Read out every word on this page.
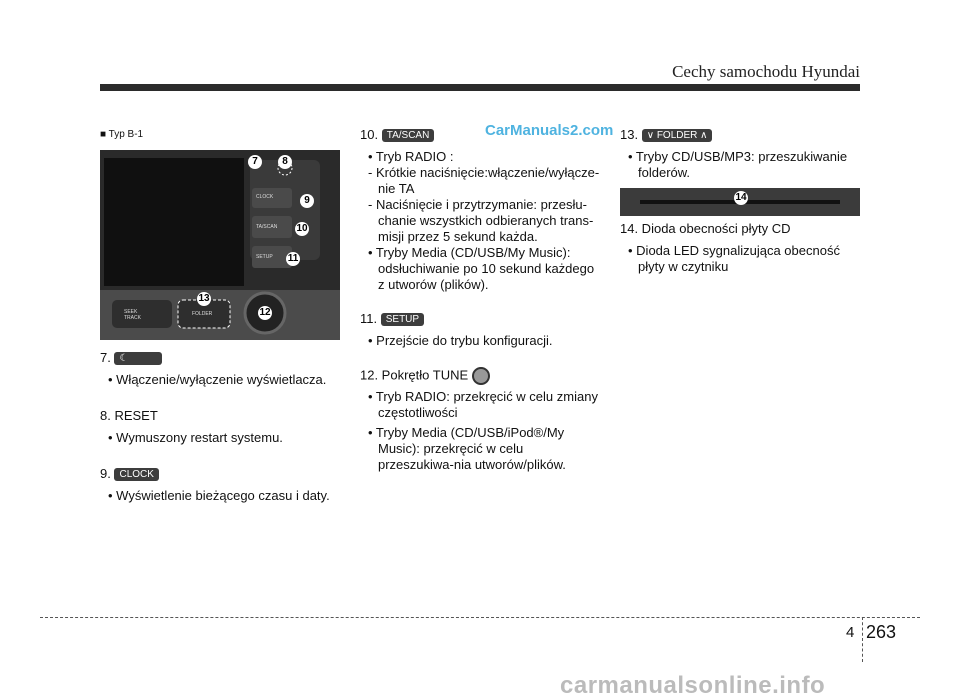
Cechy samochodu Hyundai

■ Typ B-1

CLOCK
TA/SCAN
SETUP
SEEK TRACK
FOLDER
7	8
9
10
11
12
13

7. ☾

• Włączenie/wyłączenie wyświetlacza.

8. RESET

• Wymuszony restart systemu.

9. CLOCK

• Wyświetlenie bieżącego czasu i daty.

CarManuals2.com

10. TA/SCAN

• Tryb RADIO :

- Krótkie naciśnięcie:włączenie/wyłącze-nie TA

- Naciśnięcie i przytrzymanie: przesłu-chanie wszystkich odbieranych trans-misji przez 5 sekund każda.

• Tryby Media (CD/USB/My Music): odsłuchiwanie po 10 sekund każdego z utworów (plików).

11. SETUP

• Przejście do trybu konfiguracji.

12. Pokrętło TUNE

• Tryb RADIO: przekręcić w celu zmiany częstotliwości

• Tryby Media (CD/USB/iPod®/My Music): przekręcić w celu przeszukiwa-nia utworów/plików.

13. ∨ FOLDER ∧

• Tryby CD/USB/MP3: przeszukiwanie folderów.

14

14. Dioda obecności płyty CD

• Dioda LED sygnalizująca obecność płyty w czytniku

4 263
carmanualsonline.info
